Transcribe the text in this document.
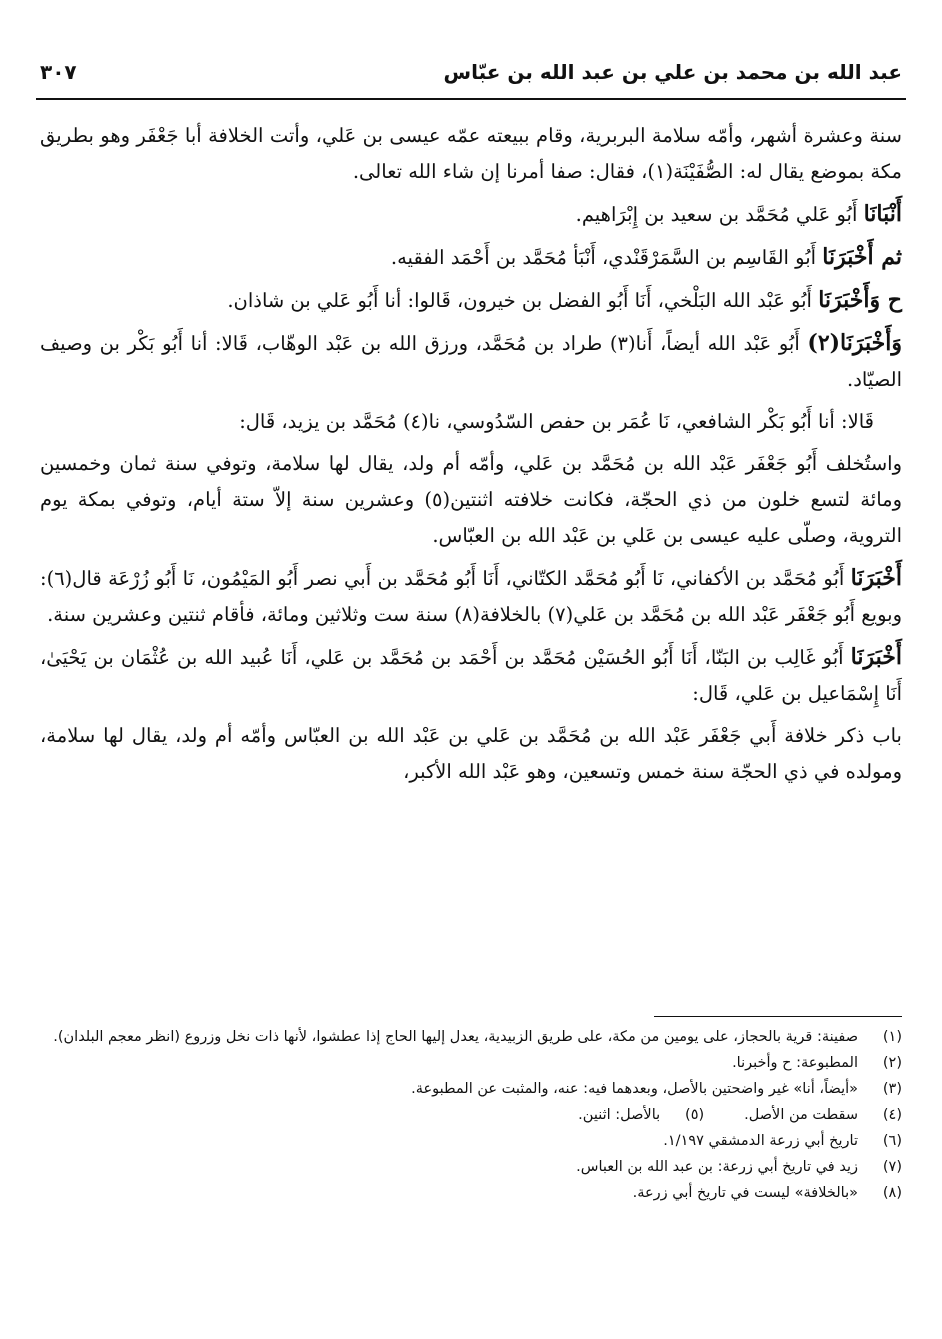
عبد الله بن محمد بن علي بن عبد الله بن عبّاس
٣٠٧

سنة وعشرة أشهر، وأمّه سلامة البربرية، وقام ببيعته عمّه عيسى بن عَلي، وأتت الخلافة أبا جَعْفَر وهو بطريق مكة بموضع يقال له: الصُّفَيْنَة(١)، فقال: صفا أمرنا إن شاء الله تعالى.

أَنْبَانَا أَبُو عَلي مُحَمَّد بن سعيد بن إِبْرَاهيم.

ثم أَخْبَرَنَا أَبُو القَاسِم بن السَّمَرْقَنْدي، أَنْبَأ مُحَمَّد بن أَحْمَد الفقيه.

ح وَأَخْبَرَنَا أَبُو عَبْد الله البَلْخي، أَنَا أَبُو الفضل بن خيرون، قَالوا: أنا أَبُو عَلي بن شاذان.

وَأَخْبَرَنَا(٢) أَبُو عَبْد الله أيضاً، أَنا(٣) طراد بن مُحَمَّد، ورزق الله بن عَبْد الوهّاب، قَالا: أنا أَبُو بَكْر بن وصيف الصيّاد.

قَالا: أنا أَبُو بَكْر الشافعي، نَا عُمَر بن حفص السّدُوسي، نا(٤) مُحَمَّد بن يزيد، قَال:

واستُخلف أَبُو جَعْفَر عَبْد الله بن مُحَمَّد بن عَلي، وأمّه أم ولد، يقال لها سلامة، وتوفي سنة ثمان وخمسين ومائة لتسع خلون من ذي الحجّة، فكانت خلافته اثنتين(٥) وعشرين سنة إلاّ ستة أيام، وتوفي بمكة يوم التروية، وصلّى عليه عيسى بن عَلي بن عَبْد الله بن العبّاس.

أَخْبَرَنَا أَبُو مُحَمَّد بن الأكفاني، نَا أَبُو مُحَمَّد الكتّاني، أَنَا أَبُو مُحَمَّد بن أَبي نصر أَبُو المَيْمُون، نَا أَبُو زُرْعَة قال(٦): وبويع أَبُو جَعْفَر عَبْد الله بن مُحَمَّد بن عَلي(٧) بالخلافة(٨) سنة ست وثلاثين ومائة، فأقام ثنتين وعشرين سنة.

أَخْبَرَنَا أَبُو غَالِب بن البَنّا، أَنَا أَبُو الحُسَيْن مُحَمَّد بن أَحْمَد بن مُحَمَّد بن عَلي، أَنَا عُبيد الله بن عُثْمَان بن يَحْيَىٰ، أَنَا إِسْمَاعيل بن عَلي، قَال:

باب ذكر خلافة أَبي جَعْفَر عَبْد الله بن مُحَمَّد بن عَلي بن عَبْد الله بن العبّاس وأمّه أم ولد، يقال لها سلامة، ومولده في ذي الحجّة سنة خمس وتسعين، وهو عَبْد الله الأكبر،

(١)
صفينة: قرية بالحجاز، على يومين من مكة، على طريق الزبيدية، يعدل إليها الحاج إذا عطشوا، لأنها ذات نخل وزروع (انظر معجم البلدان).
(٢)
المطبوعة: ح وأخبرنا.
(٣)
«أيضاً، أنا» غير واضحتين بالأصل، وبعدهما فيه: عنه، والمثبت عن المطبوعة.
(٤)
سقطت من الأصل.
(٥)
بالأصل: اثنين.
(٦)
تاريخ أبي زرعة الدمشقي ١/١٩٧.
(٧)
زيد في تاريخ أبي زرعة: بن عبد الله بن العباس.
(٨)
«بالخلافة» ليست في تاريخ أبي زرعة.
